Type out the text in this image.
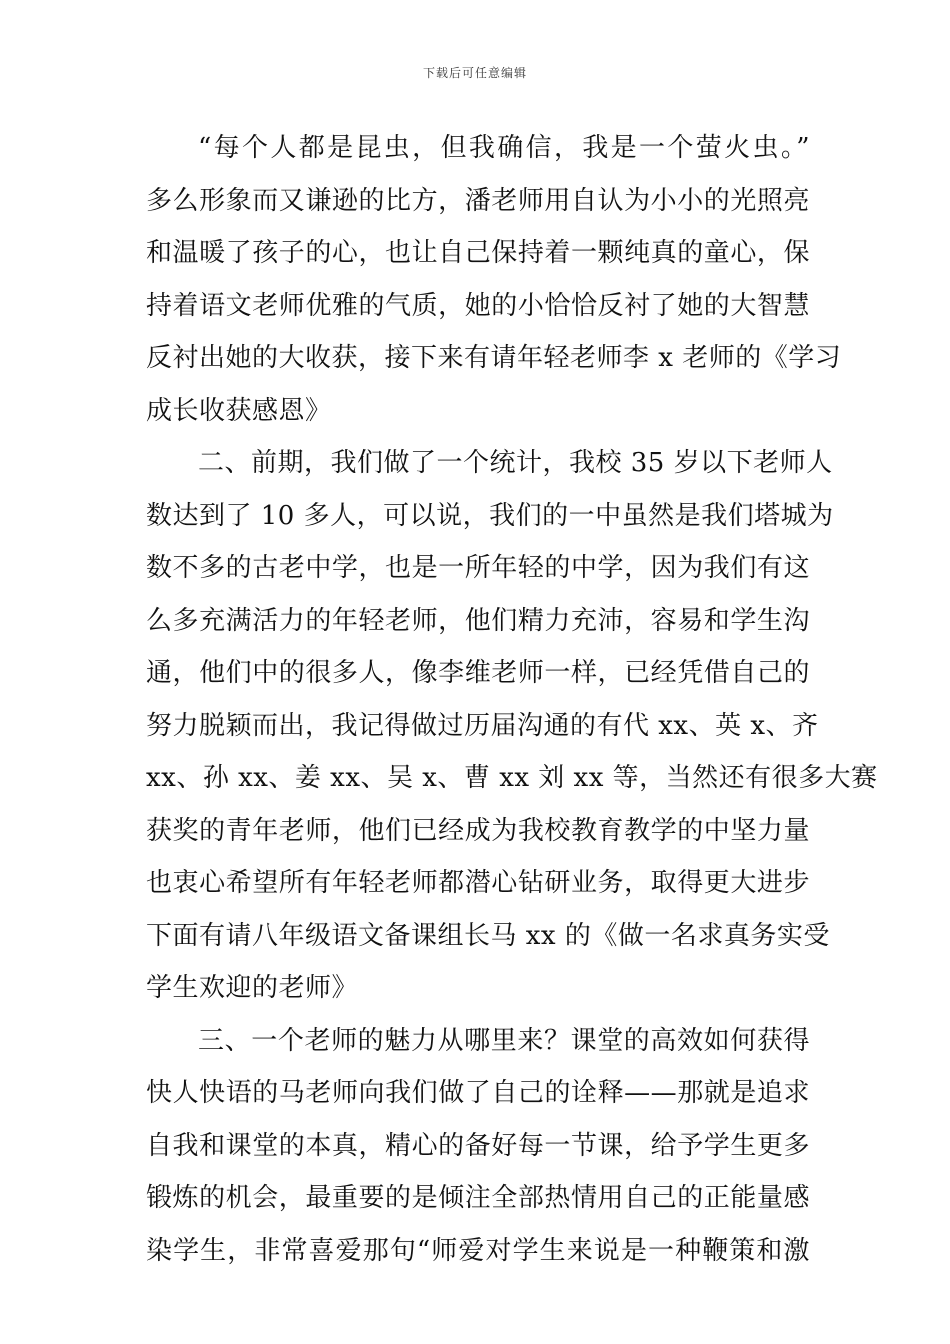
下载后可任意编辑
“每个人都是昆虫，但我确信，我是一个萤火虫。”
多么形象而又谦逊的比方，潘老师用自认为小小的光照亮
和温暖了孩子的心，也让自己保持着一颗纯真的童心，保
持着语文老师优雅的气质，她的小恰恰反衬了她的大智慧
反衬出她的大收获，接下来有请年轻老师李 x 老师的《学习
成长收获感恩》
二、前期，我们做了一个统计，我校 35 岁以下老师人
数达到了 10 多人，可以说，我们的一中虽然是我们塔城为
数不多的古老中学，也是一所年轻的中学，因为我们有这
么多充满活力的年轻老师，他们精力充沛，容易和学生沟
通，他们中的很多人，像李维老师一样，已经凭借自己的
努力脱颖而出，我记得做过历届沟通的有代 xx、英 x、齐
xx、孙 xx、姜 xx、吴 x、曹 xx 刘 xx 等，当然还有很多大赛
获奖的青年老师，他们已经成为我校教育教学的中坚力量
也衷心希望所有年轻老师都潜心钻研业务，取得更大进步
下面有请八年级语文备课组长马 xx 的《做一名求真务实受
学生欢迎的老师》
三、一个老师的魅力从哪里来？课堂的高效如何获得
快人快语的马老师向我们做了自己的诠释——那就是追求
自我和课堂的本真，精心的备好每一节课，给予学生更多
锻炼的机会，最重要的是倾注全部热情用自己的正能量感
染学生，非常喜爱那句“师爱对学生来说是一种鞭策和激
